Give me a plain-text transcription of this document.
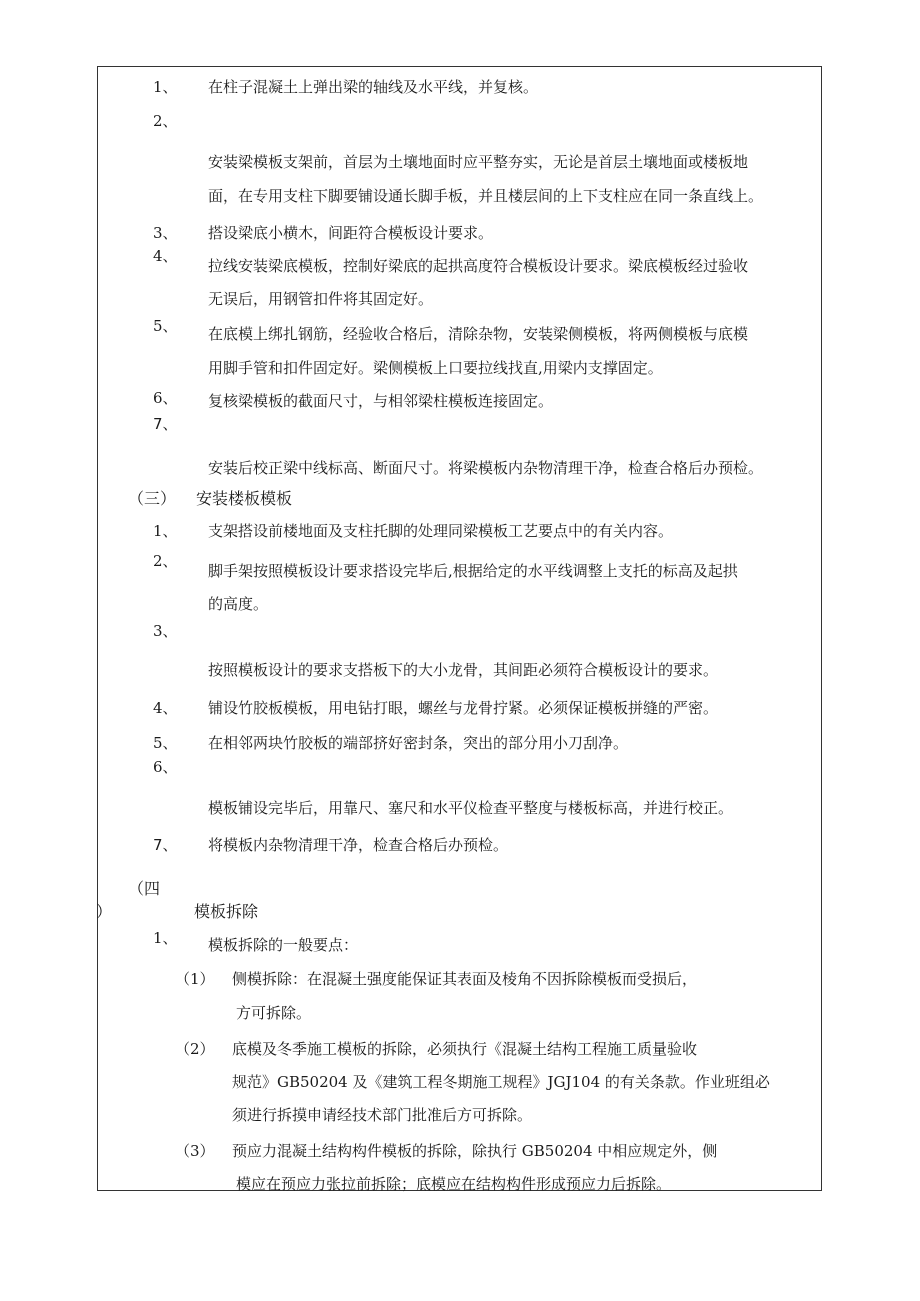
1、 在柱子混凝土上弹出梁的轴线及水平线，并复核。
2、
安装梁模板支架前，首层为土壤地面时应平整夯实，无论是首层土壤地面或楼板地
面，在专用支柱下脚要铺设通长脚手板，并且楼层间的上下支柱应在同一条直线上。
3、 搭设梁底小横木，间距符合模板设计要求。
4、
拉线安装梁底模板，控制好梁底的起拱高度符合模板设计要求。梁底模板经过验收
无误后，用钢管扣件将其固定好。
5、 在底模上绑扎钢筋，经验收合格后，清除杂物，安装梁侧模板，将两侧模板与底模
用脚手管和扣件固定好。梁侧模板上口要拉线找直,用梁内支撑固定。
6、 复核梁模板的截面尺寸，与相邻梁柱模板连接固定。
7、
安装后校正梁中线标高、断面尺寸。将梁模板内杂物清理干净，检查合格后办预检。
（三） 安装楼板模板
1、 支架搭设前楼地面及支柱托脚的处理同梁模板工艺要点中的有关内容。
2、
脚手架按照模板设计要求搭设完毕后,根据给定的水平线调整上支托的标高及起拱
的高度。
3、
按照模板设计的要求支搭板下的大小龙骨，其间距必须符合模板设计的要求。
4、 铺设竹胶板模板，用电钻打眼，螺丝与龙骨拧紧。必须保证模板拼缝的严密。
5、 在相邻两块竹胶板的端部挤好密封条，突出的部分用小刀刮净。
6、
模板铺设完毕后，用靠尺、塞尺和水平仪检查平整度与楼板标高，并进行校正。
7、 将模板内杂物清理干净，检查合格后办预检。
（四
）	模板拆除
1、 模板拆除的一般要点：
（1） 侧模拆除：在混凝土强度能保证其表面及棱角不因拆除模板而受损后，
方可拆除。
（2） 底模及冬季施工模板的拆除，必须执行《混凝土结构工程施工质量验收
规范》GB50204 及《建筑工程冬期施工规程》JGJ104 的有关条款。作业班组必
须进行拆摸申请经技术部门批准后方可拆除。
（3） 预应力混凝土结构构件模板的拆除，除执行 GB50204 中相应规定外，侧
模应在预应力张拉前拆除；底模应在结构构件形成预应力后拆除。
